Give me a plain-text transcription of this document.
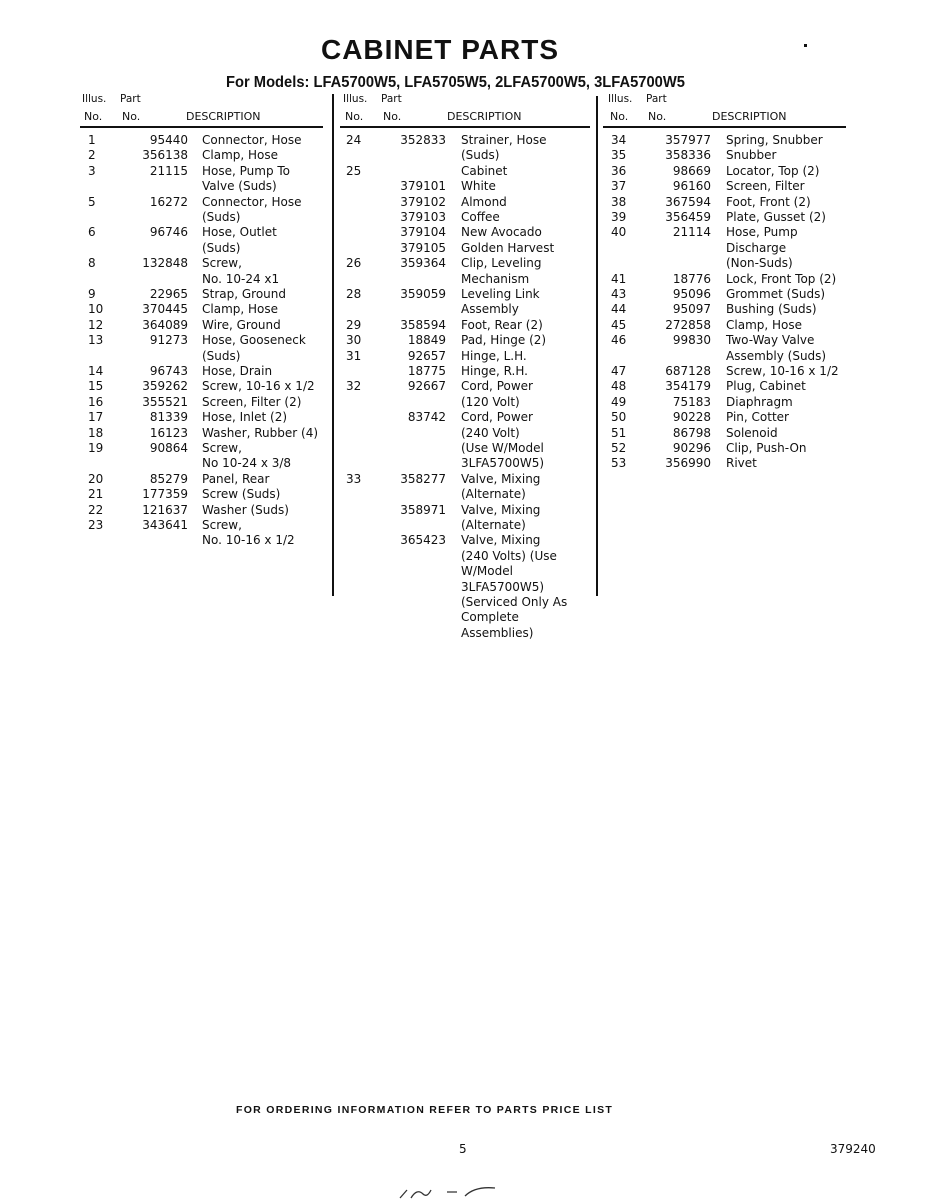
CABINET PARTS
For Models: LFA5700W5, LFA5705W5, 2LFA5700W5, 3LFA5700W5
Illus. Part
No. No.	DESCRIPTION
1	95440 Connector, Hose
2	356138 Clamp, Hose
3	21115 Hose, Pump To
Valve (Suds)
5	16272 Connector, Hose
(Suds)
6	96746 Hose, Outlet
(Suds)
8	132848 Screw,
No. 10-24 x1
9	22965 Strap, Ground
10	370445 Clamp, Hose
12	364089 Wire, Ground
13	91273 Hose, Gooseneck
(Suds)
14	96743 Hose, Drain
15	359262 Screw, 10-16 x 1/2
16	355521 Screen, Filter (2)
17	81339 Hose, Inlet (2)
18	16123 Washer, Rubber (4)
19	90864 Screw,
No 10-24 x 3/8
20	85279 Panel, Rear
21	177359 Screw (Suds)
22	121637 Washer (Suds)
23	343641 Screw,
No. 10-16 x 1/2
Illus. Part
No. No.	DESCRIPTION
24	352833 Strainer, Hose
(Suds)
25	Cabinet
379101 White
379102 Almond
379103 Coffee
379104 New Avocado
379105 Golden Harvest
26	359364 Clip, Leveling
Mechanism
28	359059 Leveling Link
Assembly
29	358594 Foot, Rear (2)
30	18849 Pad, Hinge (2)
31	92657 Hinge, L.H.
18775 Hinge, R.H.
32	92667 Cord, Power
(120 Volt)
83742 Cord, Power
(240 Volt)
(Use W/Model
3LFA5700W5)
33	358277 Valve, Mixing
(Alternate)
358971 Valve, Mixing
(Alternate)
365423 Valve, Mixing
(240 Volts) (Use
W/Model
3LFA5700W5)
(Serviced Only As
Complete
Assemblies)
Illus. Part
No. No.	DESCRIPTION
34	357977 Spring, Snubber
35	358336 Snubber
36	98669 Locator, Top (2)
37	96160 Screen, Filter
38	367594 Foot, Front (2)
39	356459 Plate, Gusset (2)
40	21114 Hose, Pump
Discharge
(Non-Suds)
41	18776 Lock, Front Top (2)
43	95096 Grommet (Suds)
44	95097 Bushing (Suds)
45	272858 Clamp, Hose
46	99830 Two-Way Valve
Assembly (Suds)
47	687128 Screw, 10-16 x 1/2
48	354179 Plug, Cabinet
49	75183 Diaphragm
50	90228 Pin, Cotter
51	86798 Solenoid
52	90296 Clip, Push-On
53	356990 Rivet
FOR ORDERING INFORMATION REFER TO PARTS PRICE LIST
5	379240
